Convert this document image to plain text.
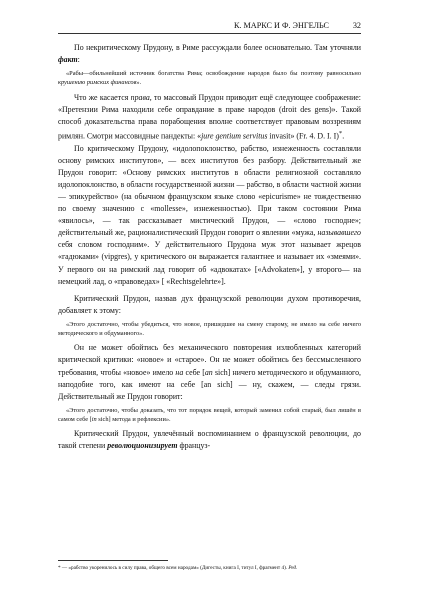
К. МАРКС И Ф. ЭНГЕЛЬС	32

По некритическому Прудону, в Риме рассуждали более основательно. Там уточняли факт:

«Рабы—обильнейший источник богатства Рима; освобождение народов было бы поэтому равносильно крушению римских финансов».

Что же касается права, то массовый Прудон приводит ещё следующее соображение: «Претензии Рима находили себе оправдание в праве народов (droit des gens)». Такой способ доказательства права порабощения вполне соответствует правовым воззрениям римлян. Смотри массовидные пандекты: «jure gentium servitus invasit» (Fr. 4. D. I. I)*.

По критическому Прудону, «идолопоклонство, рабство, изнеженность составляли основу римских институтов», — всех институтов без разбору. Действительный же Прудон говорит: «Основу римских институтов в области религиозной составляло идолопоклонство, в области государственной жизни — рабство, в области частной жизни — эпикурейство» (на обычном французском языке слово «epicurisme» не тождественно по своему значению с «mollesse», изнеженностью). При таком состоянии Рима «явилось», — так рассказывает мистический Прудон, — «слово господне»; действительный же, рационалистический Прудон говорит о явлении «мужа, называвшего себя словом господним». У действительного Прудона муж этот называет жрецов «гадюками» (vipgres), у критического он выражается галантнее и называет их «змеями». У первого он на римский лад говорит об «адвокатах» [«Advokaten»], у второго— на немецкий лад, о «правоведах» [ «Rechtsgelehrte»].

Критический Прудон, назвав дух французской революции духом противоречия, добавляет к этому:

«Этого достаточно, чтобы убедиться, что новое, пришедшее на смену старому, не имело на себе ничего методического и обдуманного».

Он не может обойтись без механического повторения излюбленных категорий критической критики: «новое» и «старое». Он не может обойтись без бессмысленного требования, чтобы «новое» имело на себе [an sich] ничего методического и обдуманного, наподобие того, как имеют на себе [an sich] — ну, скажем, — следы грязи. Действительный же Прудон говорит:

«Этого достаточно, чтобы доказать, что тот порядок вещей, который заменил собой старый, был лишён в самом себе [in sich] метода и рефлексии».

Критический Прудон, увлечённый воспоминанием о французской революции, до такой степени революционизирует француз-

* — «рабство укоренилось в силу права, общего всем народам» (Дигесты, книга I, титул I, фрагмент 4). Ред.
